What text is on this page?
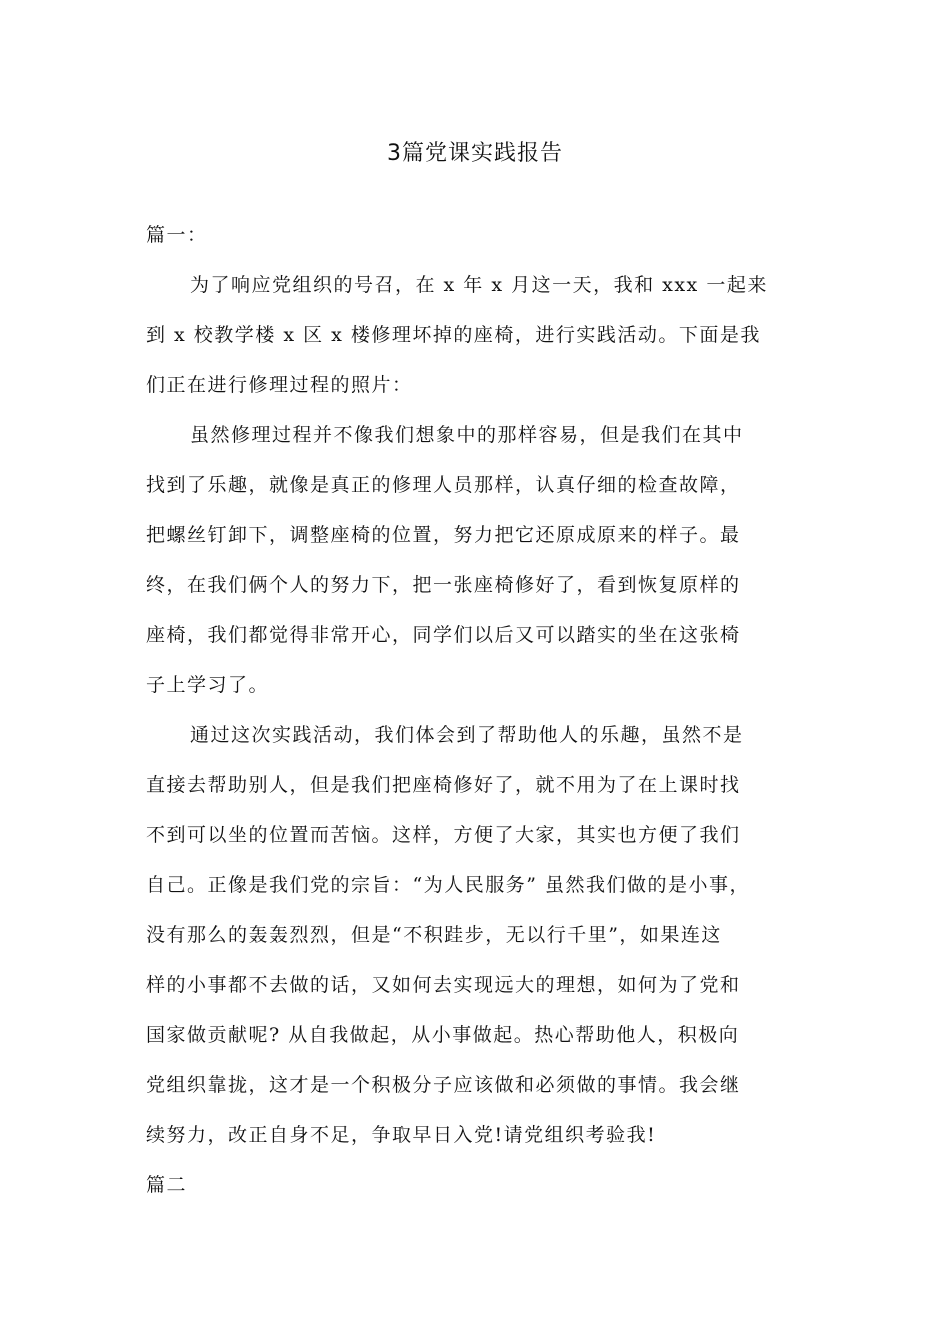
3篇党课实践报告
篇一：
为了响应党组织的号召，在 x 年 x 月这一天，我和 xxx 一起来
到 x 校教学楼 x 区 x 楼修理坏掉的座椅，进行实践活动。下面是我
们正在进行修理过程的照片：
虽然修理过程并不像我们想象中的那样容易，但是我们在其中
找到了乐趣，就像是真正的修理人员那样，认真仔细的检查故障，
把螺丝钉卸下，调整座椅的位置，努力把它还原成原来的样子。最
终，在我们俩个人的努力下，把一张座椅修好了，看到恢复原样的
座椅，我们都觉得非常开心，同学们以后又可以踏实的坐在这张椅
子上学习了。
通过这次实践活动，我们体会到了帮助他人的乐趣，虽然不是
直接去帮助别人，但是我们把座椅修好了，就不用为了在上课时找
不到可以坐的位置而苦恼。这样，方便了大家，其实也方便了我们
自己。正像是我们党的宗旨：“为人民服务” 虽然我们做的是小事，
没有那么的轰轰烈烈，但是“不积跬步，无以行千里”，如果连这
样的小事都不去做的话，又如何去实现远大的理想，如何为了党和
国家做贡献呢? 从自我做起，从小事做起。热心帮助他人，积极向
党组织靠拢，这才是一个积极分子应该做和必须做的事情。我会继
续努力，改正自身不足，争取早日入党!请党组织考验我!
篇二
